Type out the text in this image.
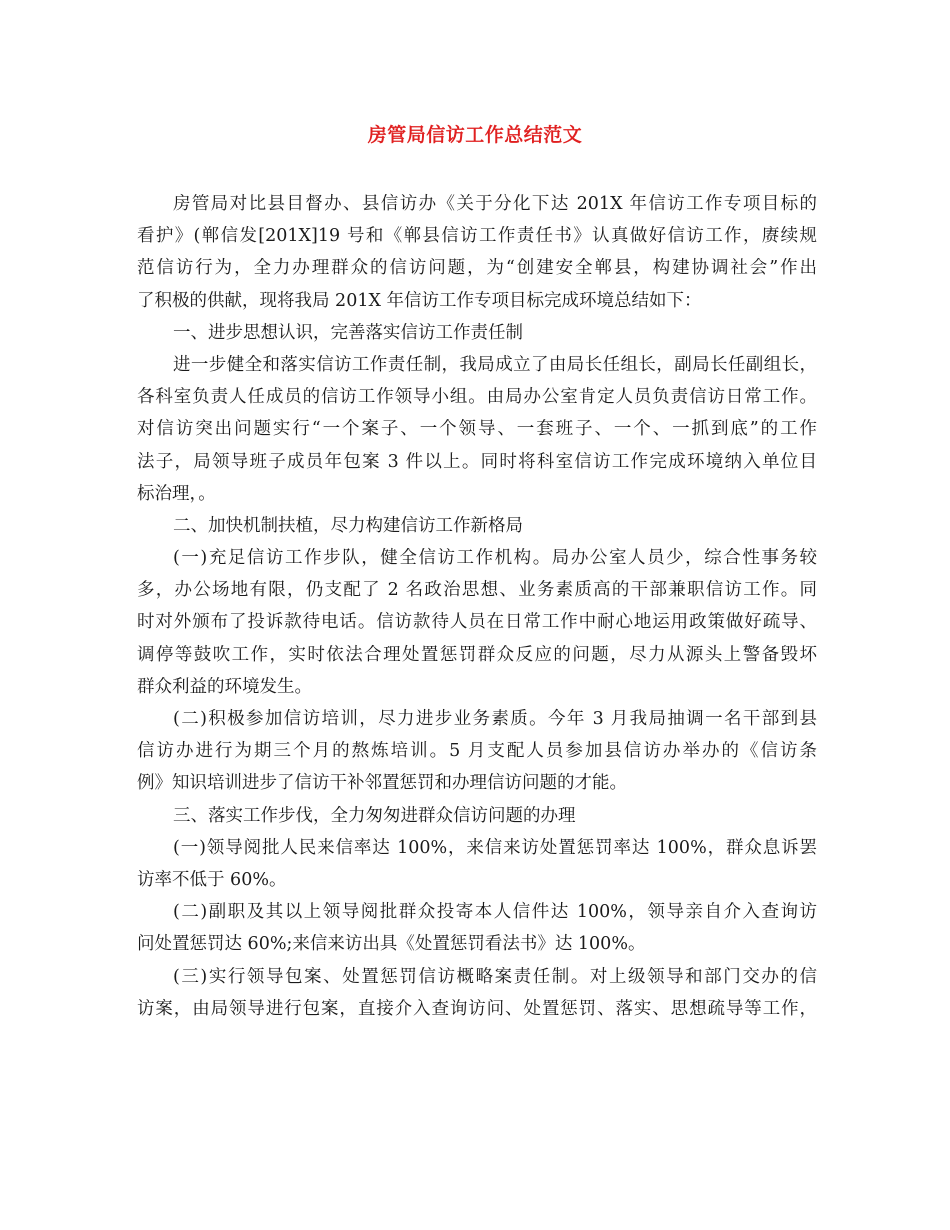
房管局信访工作总结范文
房管局对比县目督办、县信访办《关于分化下达 201X 年信访工作专项目标的
看护》(郸信发[201X]19 号和《郸县信访工作责任书》认真做好信访工作，赓续规
范信访行为，全力办理群众的信访问题，为“创建安全郸县，构建协调社会”作出
了积极的供献，现将我局 201X 年信访工作专项目标完成环境总结如下：
一、进步思想认识，完善落实信访工作责任制
进一步健全和落实信访工作责任制，我局成立了由局长任组长，副局长任副组长，
各科室负责人任成员的信访工作领导小组。由局办公室肯定人员负责信访日常工作。
对信访突出问题实行“一个案子、一个领导、一套班子、一个、一抓到底”的工作
法子，局领导班子成员年包案 3 件以上。同时将科室信访工作完成环境纳入单位目
标治理，。
二、加快机制扶植，尽力构建信访工作新格局
(一)充足信访工作步队，健全信访工作机构。局办公室人员少，综合性事务较
多，办公场地有限，仍支配了 2 名政治思想、业务素质高的干部兼职信访工作。同
时对外颁布了投诉款待电话。信访款待人员在日常工作中耐心地运用政策做好疏导、
调停等鼓吹工作，实时依法合理处置惩罚群众反应的问题，尽力从源头上警备毁坏
群众利益的环境发生。
(二)积极参加信访培训，尽力进步业务素质。今年 3 月我局抽调一名干部到县
信访办进行为期三个月的熬炼培训。5 月支配人员参加县信访办举办的《信访条
例》知识培训进步了信访干补邻置惩罚和办理信访问题的才能。
三、落实工作步伐，全力匆匆进群众信访问题的办理
(一)领导阅批人民来信率达 100%，来信来访处置惩罚率达 100%，群众息诉罢
访率不低于 60%。
(二)副职及其以上领导阅批群众投寄本人信件达 100%，领导亲自介入查询访
问处置惩罚达 60%;来信来访出具《处置惩罚看法书》达 100%。
(三)实行领导包案、处置惩罚信访概略案责任制。对上级领导和部门交办的信
访案，由局领导进行包案，直接介入查询访问、处置惩罚、落实、思想疏导等工作，
